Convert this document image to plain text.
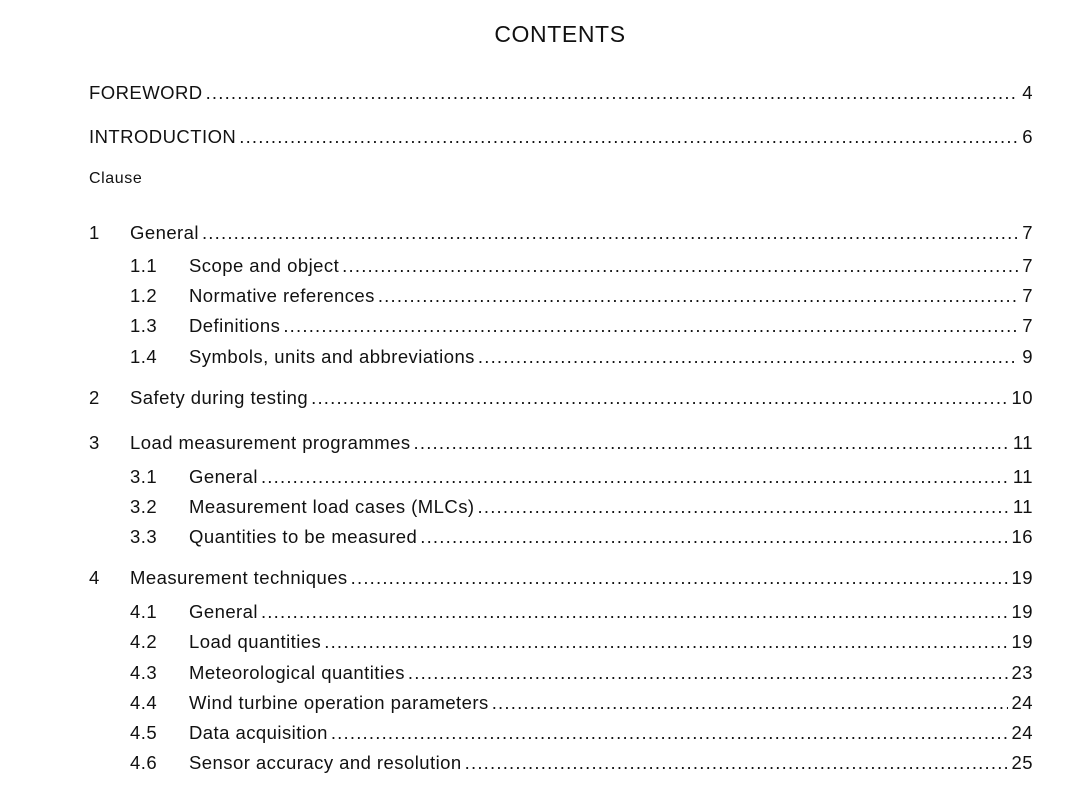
CONTENTS
FOREWORD .....	4
INTRODUCTION .....	6
Clause
1	General .....	7
1.1	Scope and object .....	7
1.2	Normative references .....	7
1.3	Definitions .....	7
1.4	Symbols, units and abbreviations .....	9
2	Safety during testing .....	10
3	Load measurement programmes .....	11
3.1	General .....	11
3.2	Measurement load cases (MLCs) .....	11
3.3	Quantities to be measured .....	16
4	Measurement techniques .....	19
4.1	General .....	19
4.2	Load quantities .....	19
4.3	Meteorological quantities .....	23
4.4	Wind turbine operation parameters .....	24
4.5	Data acquisition .....	24
4.6	Sensor accuracy and resolution .....	25
